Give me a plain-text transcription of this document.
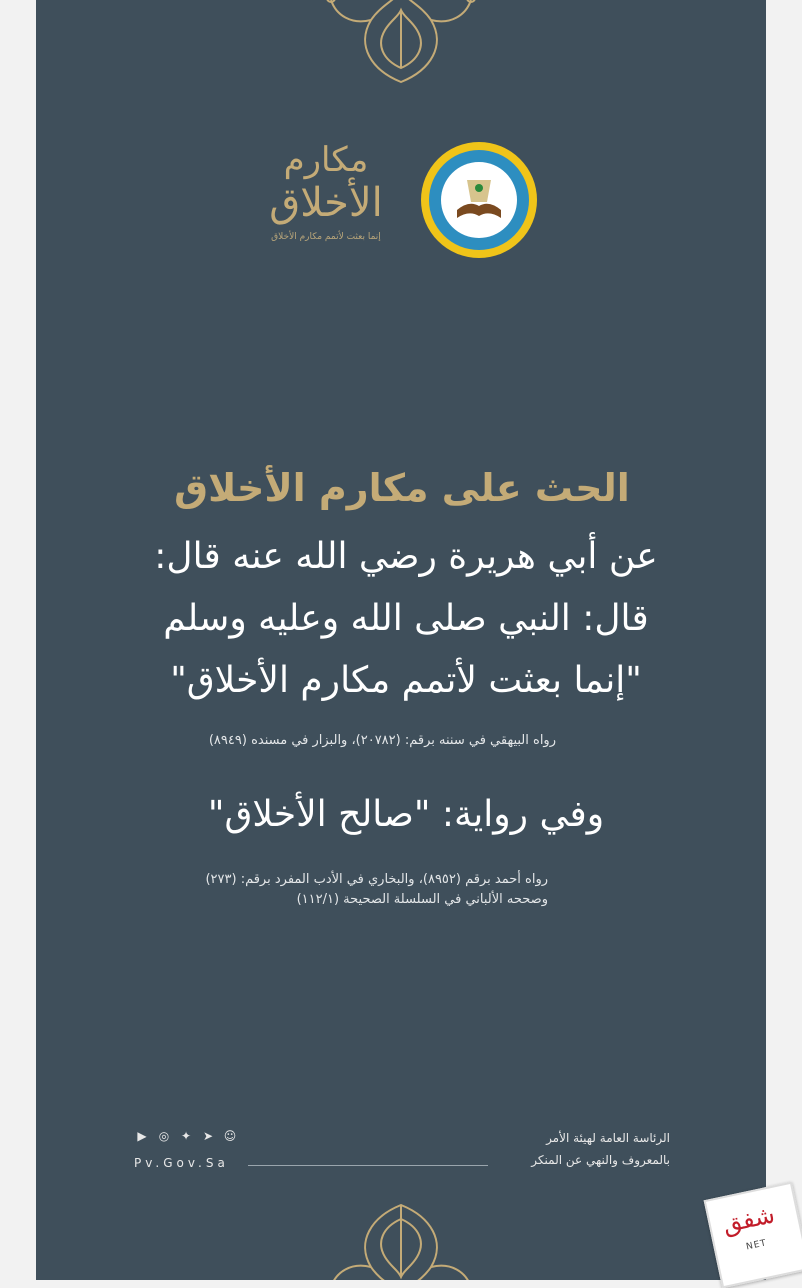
مكارم
الأخلاق
إنما بعثت لأتمم مكارم الأخلاق
الحث على مكارم الأخلاق
عن أبي هريرة رضي الله عنه قال:
قال: النبي صلى الله وعليه وسلم
"إنما بعثت لأتمم مكارم الأخلاق"
رواه البيهقي في سننه برقم: (٢٠٧٨٢)، والبزار في مسنده (٨٩٤٩)
وفي رواية: "صالح الأخلاق"
رواه أحمد برقم (٨٩٥٢)، والبخاري في الأدب المفرد برقم: (٢٧٣)
وصححه الألباني في السلسلة الصحيحة (١١٢/١)
الرئاسة العامة لهيئة الأمر
بالمعروف والنهي عن المنكر
▶ ◎ ✦ ➤ ☺
Pv.Gov.Sa
شفق
NET
